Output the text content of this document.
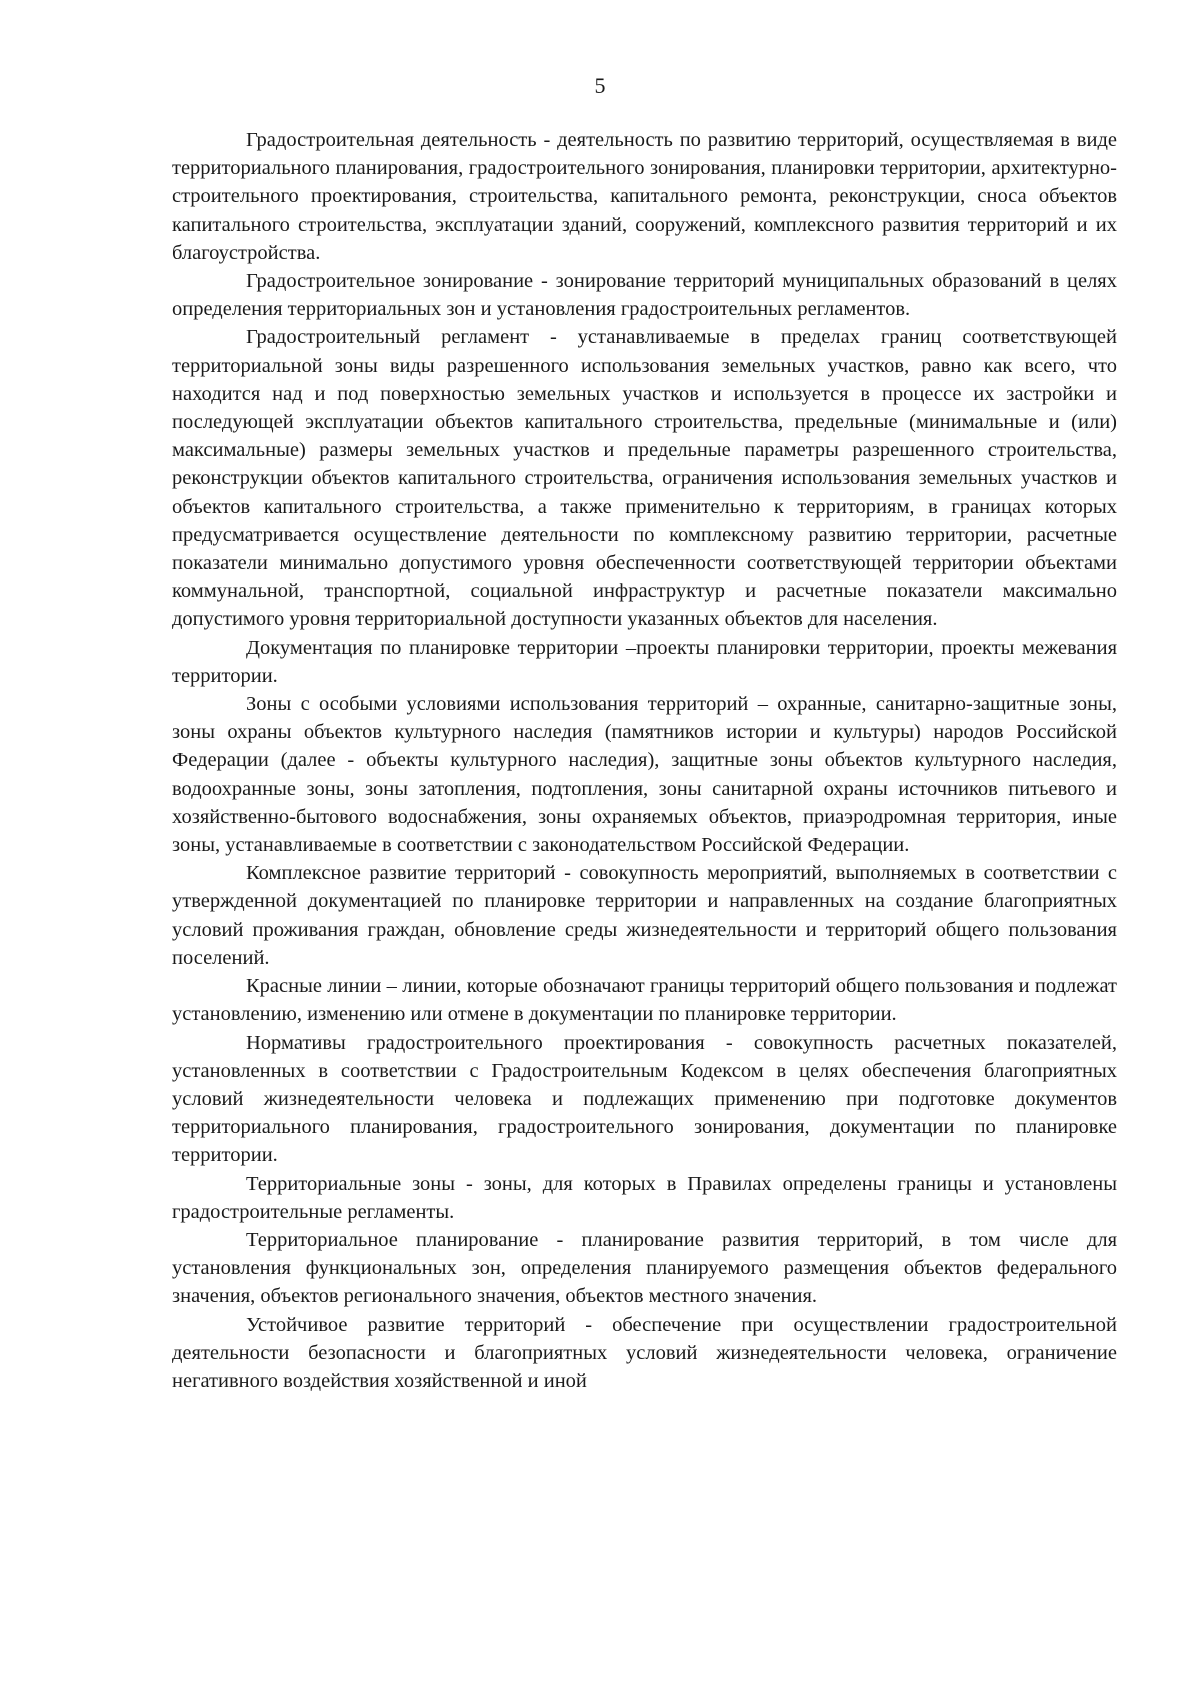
5

Градостроительная деятельность - деятельность по развитию территорий, осуществляемая в виде территориального планирования, градостроительного зонирования, планировки территории, архитектурно-строительного проектирования, строительства, капитального ремонта, реконструкции, сноса объектов капитального строительства, эксплуатации зданий, сооружений, комплексного развития территорий и их благоустройства.

Градостроительное зонирование - зонирование территорий муниципальных образований в целях определения территориальных зон и установления градостроительных регламентов.

Градостроительный регламент - устанавливаемые в пределах границ соответствующей территориальной зоны виды разрешенного использования земельных участков, равно как всего, что находится над и под поверхностью земельных участков и используется в процессе их застройки и последующей эксплуатации объектов капитального строительства, предельные (минимальные и (или) максимальные) размеры земельных участков и предельные параметры разрешенного строительства, реконструкции объектов капитального строительства, ограничения использования земельных участков и объектов капитального строительства, а также применительно к территориям, в границах которых предусматривается осуществление деятельности по комплексному развитию территории, расчетные показатели минимально допустимого уровня обеспеченности соответствующей территории объектами коммунальной, транспортной, социальной инфраструктур и расчетные показатели максимально допустимого уровня территориальной доступности указанных объектов для населения.

Документация по планировке территории –проекты планировки территории, проекты межевания территории.

Зоны с особыми условиями использования территорий – охранные, санитарно-защитные зоны, зоны охраны объектов культурного наследия (памятников истории и культуры) народов Российской Федерации (далее - объекты культурного наследия), защитные зоны объектов культурного наследия, водоохранные зоны, зоны затопления, подтопления, зоны санитарной охраны источников питьевого и хозяйственно-бытового водоснабжения, зоны охраняемых объектов, приаэродромная территория, иные зоны, устанавливаемые в соответствии с законодательством Российской Федерации.

Комплексное развитие территорий - совокупность мероприятий, выполняемых в соответствии с утвержденной документацией по планировке территории и направленных на создание благоприятных условий проживания граждан, обновление среды жизнедеятельности и территорий общего пользования поселений.

Красные линии – линии, которые обозначают границы территорий общего пользования и подлежат установлению, изменению или отмене в документации по планировке территории.

Нормативы градостроительного проектирования - совокупность расчетных показателей, установленных в соответствии с Градостроительным Кодексом в целях обеспечения благоприятных условий жизнедеятельности человека и подлежащих применению при подготовке документов территориального планирования, градостроительного зонирования, документации по планировке территории.

Территориальные зоны - зоны, для которых в Правилах определены границы и установлены градостроительные регламенты.

Территориальное планирование - планирование развития территорий, в том числе для установления функциональных зон, определения планируемого размещения объектов федерального значения, объектов регионального значения, объектов местного значения.

Устойчивое развитие территорий - обеспечение при осуществлении градостроительной деятельности безопасности и благоприятных условий жизнедеятельности человека, ограничение негативного воздействия хозяйственной и иной
